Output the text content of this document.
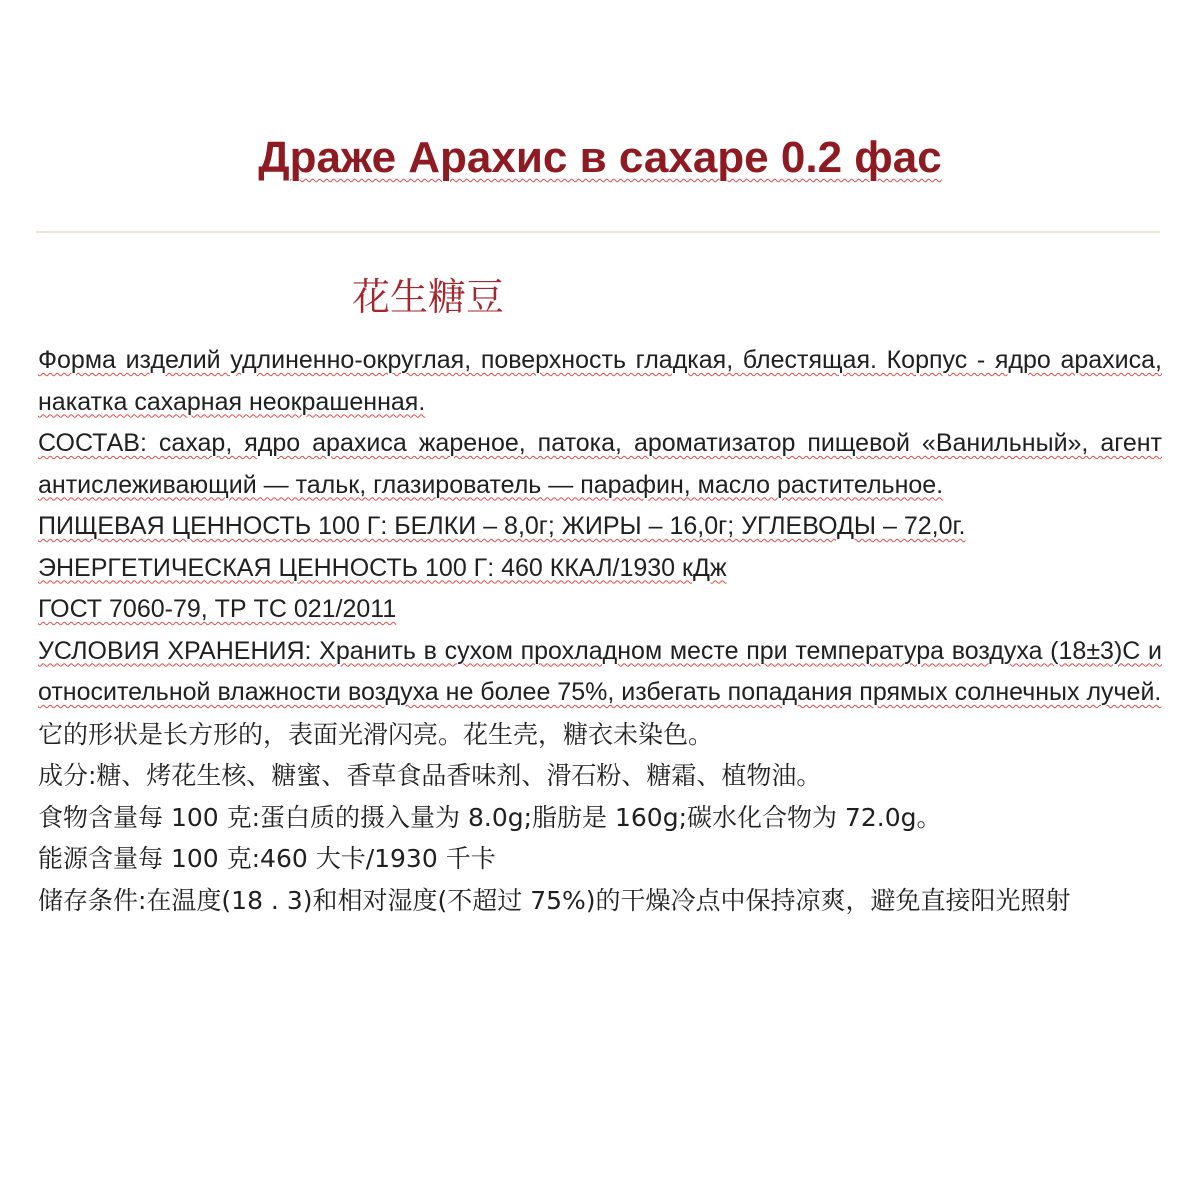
Драже Арахис в сахаре 0.2 фас
花生糖豆

Форма изделий удлиненно-округлая, поверхность гладкая, блестящая. Корпус - ядро арахиса, накатка сахарная неокрашенная.

СОСТАВ: сахар, ядро арахиса жареное, патока, ароматизатор пищевой «Ванильный», агент антислеживающий — тальк, глазирователь — парафин, масло растительное.

ПИЩЕВАЯ ЦЕННОСТЬ 100 Г: БЕЛКИ – 8,0г; ЖИРЫ – 16,0г; УГЛЕВОДЫ – 72,0г.

ЭНЕРГЕТИЧЕСКАЯ ЦЕННОСТЬ 100 Г: 460 ККАЛ/1930 кДж

ГОСТ 7060-79, ТР ТС 021/2011

УСЛОВИЯ ХРАНЕНИЯ: Хранить в сухом прохладном месте при температура воздуха (18±3)С и относительной влажности воздуха не более 75%, избегать попадания прямых солнечных лучей.

它的形状是长方形的，表面光滑闪亮。花生壳，糖衣未染色。

成分:糖、烤花生核、糖蜜、香草食品香味剂、滑石粉、糖霜、植物油。

食物含量每 100 克:蛋白质的摄入量为 8.0g;脂肪是 160g;碳水化合物为 72.0g。

能源含量每 100 克:460 大卡/1930 千卡

储存条件:在温度(18 . 3)和相对湿度(不超过 75%)的干燥冷点中保持凉爽，避免直接阳光照射
